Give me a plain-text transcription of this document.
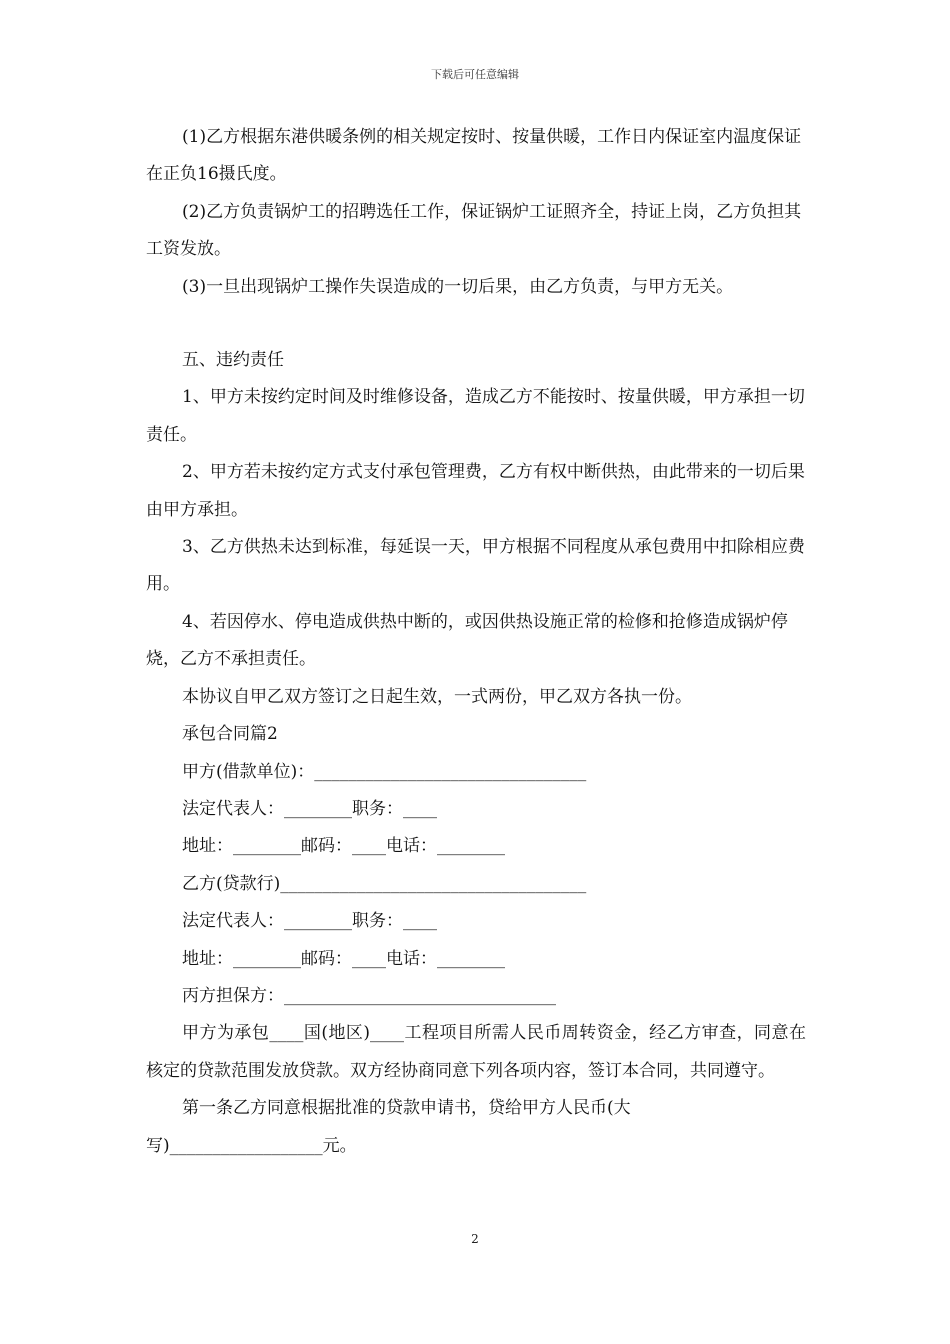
下载后可任意编辑

(1)乙方根据东港供暖条例的相关规定按时、按量供暖，工作日内保证室内温度保证在正负16摄氏度。

(2)乙方负责锅炉工的招聘选任工作，保证锅炉工证照齐全，持证上岗，乙方负担其工资发放。

(3)一旦出现锅炉工操作失误造成的一切后果，由乙方负责，与甲方无关。

五、违约责任

1、甲方未按约定时间及时维修设备，造成乙方不能按时、按量供暖，甲方承担一切责任。

2、甲方若未按约定方式支付承包管理费，乙方有权中断供热，由此带来的一切后果由甲方承担。

3、乙方供热未达到标准，每延误一天，甲方根据不同程度从承包费用中扣除相应费用。

4、若因停水、停电造成供热中断的，或因供热设施正常的检修和抢修造成锅炉停烧，乙方不承担责任。

本协议自甲乙双方签订之日起生效，一式两份，甲乙双方各执一份。

承包合同篇2

甲方(借款单位)：________________________________

法定代表人：________职务：____

地址：________邮码：____电话：________

乙方(贷款行)____________________________________

法定代表人：________职务：____

地址：________邮码：____电话：________

丙方担保方：________________________________

甲方为承包____国(地区)____工程项目所需人民币周转资金，经乙方审查，同意在核定的贷款范围发放贷款。双方经协商同意下列各项内容，签订本合同，共同遵守。

第一条乙方同意根据批准的贷款申请书，贷给甲方人民币(大写)__________________元。

2
